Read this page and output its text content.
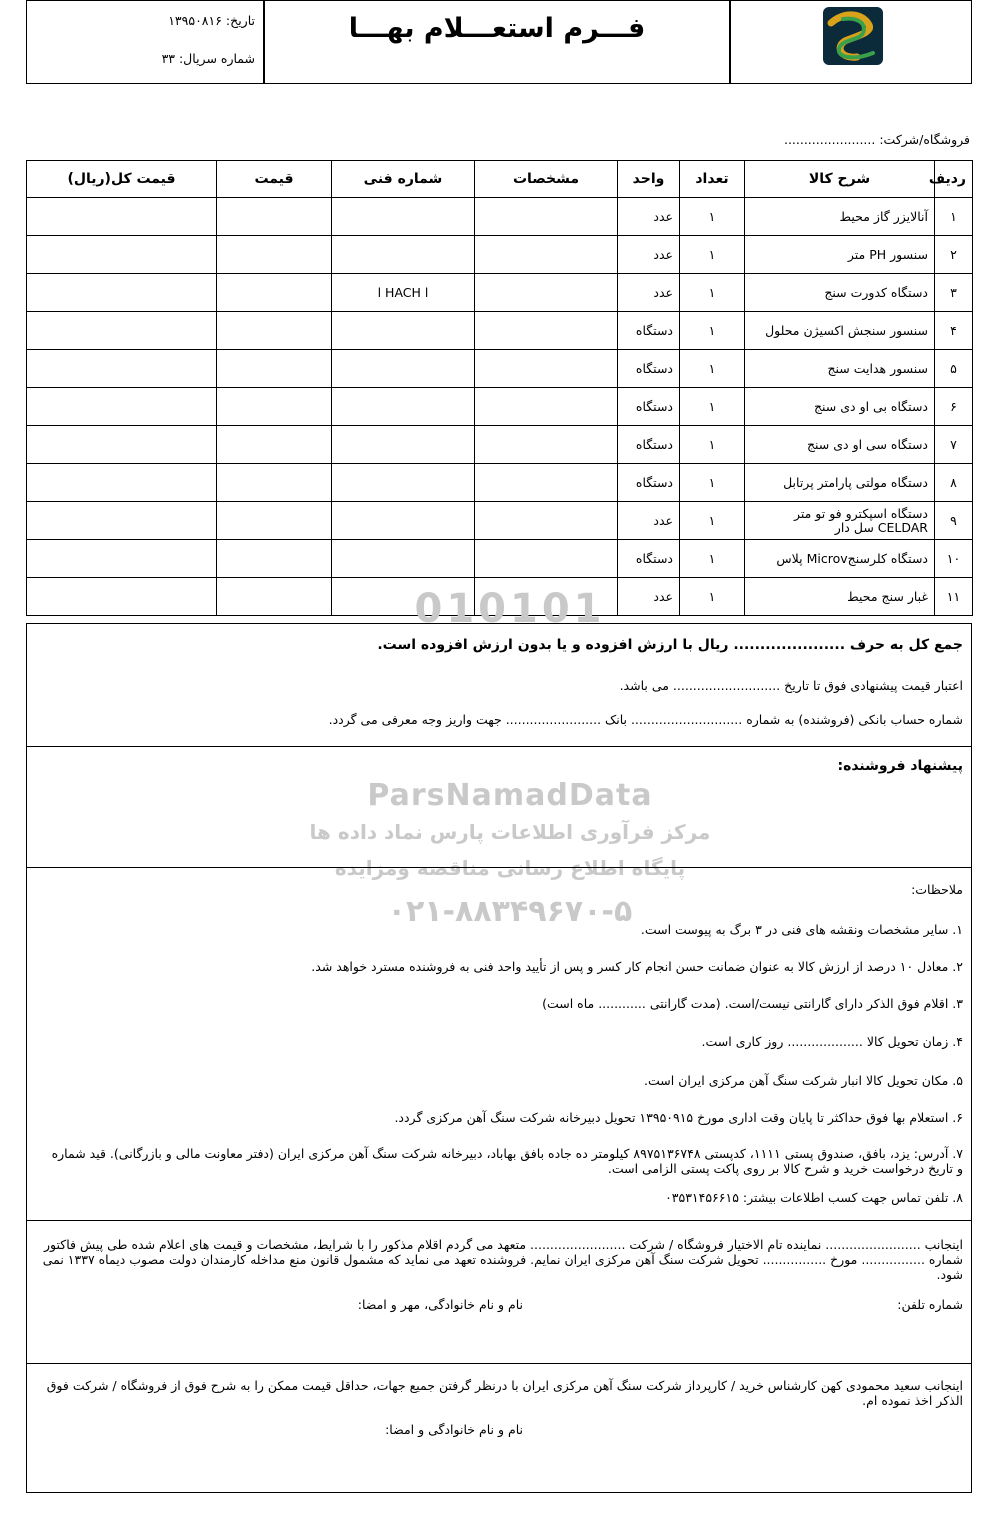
تاریخ: ۱۳۹۵۰۸۱۶
شماره سریال: ۳۳
فـــرم استعـــلام بهـــا
فروشگاه/شرکت: .......................
ردیف	شرح کالا	تعداد	واحد	مشخصات	شماره فنی	قیمت	قیمت کل(ریال)
۱	آنالایزر گاز محیط	۱	عدد				
۲	سنسور PH متر	۱	عدد				
۳	دستگاه کدورت سنج	۱	عدد		l HACH l		
۴	سنسور سنجش اکسیژن محلول	۱	دستگاه				
۵	سنسور هدایت سنج	۱	دستگاه				
۶	دستگاه بی او دی سنج	۱	دستگاه				
۷	دستگاه سی او دی سنج	۱	دستگاه				
۸	دستگاه مولتی پارامتر پرتابل	۱	دستگاه				
۹	دستگاه اسپکترو فو تو متر CELDAR سل دار	۱	عدد				
۱۰	دستگاه کلرسنجMicrov پلاس	۱	دستگاه				
۱۱	غبار سنج محیط	۱	عدد				
010101
ParsNamadData
مرکز فرآوری اطلاعات پارس نماد داده ها
پایگاه اطلاع رسانی مناقصه ومزایده
۰۲۱-۸۸۳۴۹۶۷۰-۵
جمع کل به حرف ..................... ریال با ارزش افزوده و یا بدون ارزش افزوده است.
اعتبار قیمت پیشنهادی فوق تا تاریخ ........................... می باشد.
شماره حساب بانکی (فروشنده) به شماره ............................ بانک ........................ جهت واریز وجه معرفی می گردد.
پیشنهاد فروشنده:
ملاحظات:
۱. سایر مشخصات ونقشه های فنی در ۳ برگ به پیوست است.
۲. معادل ۱۰ درصد از ارزش کالا به عنوان ضمانت حسن انجام کار کسر و پس از تأیید واحد فنی به فروشنده مسترد خواهد شد.
۳. اقلام فوق الذکر دارای گارانتی نیست/است. (مدت گارانتی ............ ماه است)
۴. زمان تحویل کالا ................... روز کاری است.
۵. مکان تحویل کالا انبار شرکت سنگ آهن مرکزی ایران است.
۶. استعلام بها فوق حداکثر تا پایان وقت اداری مورخ ۱۳۹۵۰۹۱۵ تحویل دبیرخانه شرکت سنگ آهن مرکزی گردد.
۷. آدرس: یزد، بافق، صندوق پستی ۱۱۱۱، کدپستی ۸۹۷۵۱۳۶۷۴۸ کیلومتر ده جاده بافق بهاباد، دبیرخانه شرکت سنگ آهن مرکزی ایران (دفتر معاونت مالی و بازرگانی). قید شماره و تاریخ درخواست خرید و شرح کالا بر روی پاکت پستی الزامی است.
۸. تلفن تماس جهت کسب اطلاعات بیشتر: ۰۳۵۳۱۴۵۶۶۱۵
اینجانب ........................ نماینده تام الاختیار فروشگاه / شرکت ........................ متعهد می گردم اقلام مذکور را با شرایط، مشخصات و قیمت های اعلام شده طی پیش فاکتور شماره ................ مورخ ................ تحویل شرکت سنگ آهن مرکزی ایران نمایم. فروشنده تعهد می نماید که مشمول قانون منع مداخله کارمندان دولت مصوب دیماه ۱۳۳۷ نمی شود.
شماره تلفن:
نام و نام خانوادگی، مهر و امضا:
اینجانب سعید محمودی کهن کارشناس خرید / کارپرداز شرکت سنگ آهن مرکزی ایران با درنظر گرفتن جمیع جهات، حداقل قیمت ممکن را به شرح فوق از فروشگاه / شرکت فوق الذکر اخذ نموده ام.
نام و نام خانوادگی و امضا:
